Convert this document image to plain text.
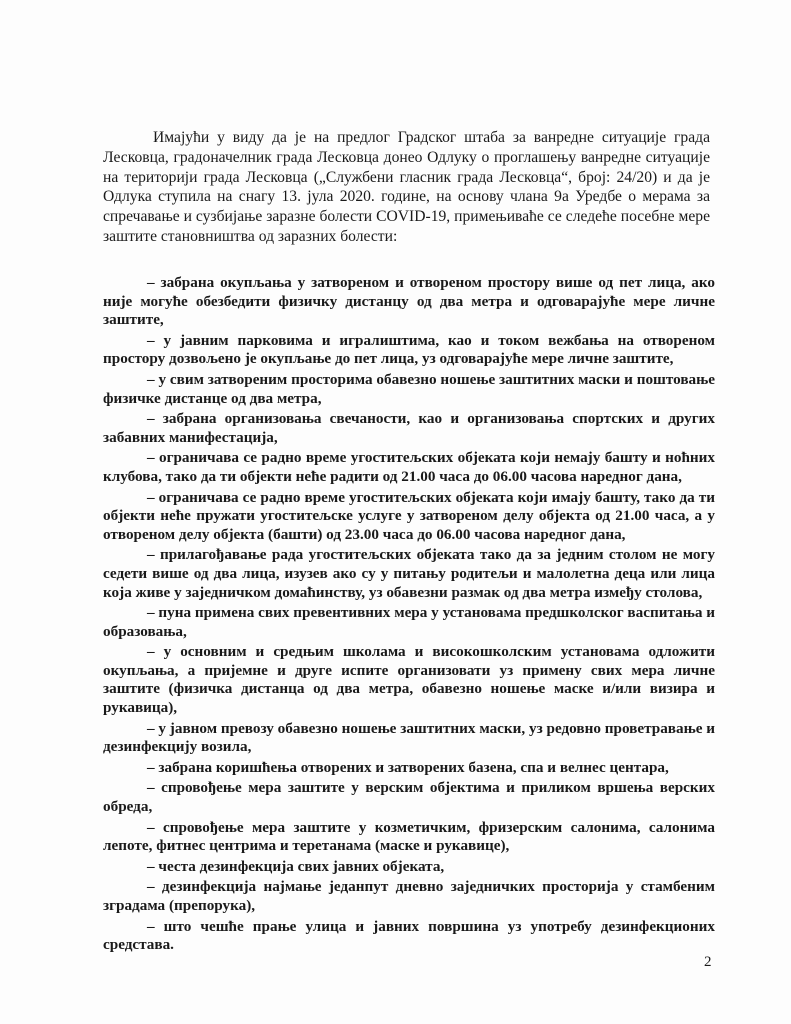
Имајући у виду да је на предлог Градског штаба за ванредне ситуације града Лесковца, градоначелник града Лесковца донео Одлуку о проглашењу ванредне ситуације на територији града Лесковца („Службени гласник града Лесковца“, број: 24/20) и да је Одлука ступила на снагу 13. јула 2020. године, на основу члана 9а Уредбе о мерама за спречавање и сузбијање заразне болести COVID-19, примењиваће се следеће посебне мере заштите становништва од заразних болести:

– забрана окупљања у затвореном и отвореном простору више од пет лица, ако није могуће обезбедити физичку дистанцу од два метра и одговарајуће мере личне заштите,
– у јавним парковима и игралиштима, као и током вежбања на отвореном простору дозвољено је окупљање до пет лица, уз одговарајуће мере личне заштите,
– у свим затвореним просторима обавезно ношење заштитних маски и поштовање физичке дистанце од два метра,
– забрана организовања свечаности, као и организовања спортских и других забавних манифестација,
– ограничава се радно време угоститељских објеката који немају башту и ноћних клубова, тако да ти објекти неће радити од 21.00 часа до 06.00 часова наредног дана,
– ограничава се радно време угоститељских објеката који имају башту, тако да ти објекти неће пружати угоститељске услуге у затвореном делу објекта од 21.00 часа, а у отвореном делу објекта (башти) од 23.00 часа до 06.00 часова наредног дана,
– прилагођавање рада угоститељских објеката тако да за једним столом не могу седети више од два лица, изузев ако су у питању родитељи и малолетна деца или лица која живе у заједничком домаћинству, уз обавезни размак од два метра између столова,
– пуна примена свих превентивних мера у установама предшколског васпитања и образовања,
– у основним и средњим школама и високошколским установама одложити окупљања, а пријемне и друге испите организовати уз примену свих мера личне заштите (физичка дистанца од два метра, обавезно ношење маске и/или визира и рукавица),
– у јавном превозу обавезно ношење заштитних маски, уз редовно проветравање и дезинфекцију возила,
– забрана коришћења отворених и затворених базена, спа и велнес центара,
– спровођење мера заштите у верским објектима и приликом вршења верских обреда,
– спровођење мера заштите у козметичким, фризерским салонима, салонима лепоте, фитнес центрима и теретанама (маске и рукавице),
– честа дезинфекција свих јавних објеката,
– дезинфекција најмање једанпут дневно заједничких просторија у стамбеним зградама (препорука),
– што чешће прање улица и јавних површина уз употребу дезинфекционих средстава.

2
